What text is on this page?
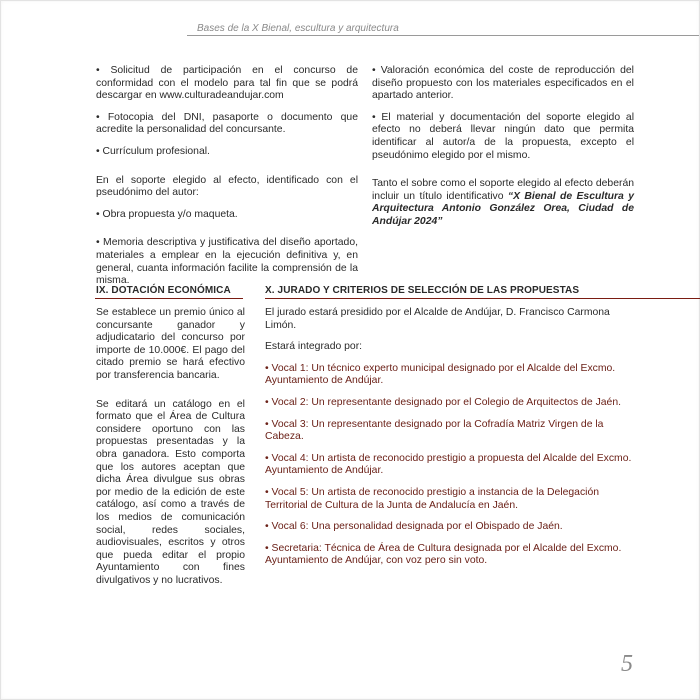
Bases de la X Bienal, escultura y arquitectura

• Solicitud de participación en el concurso de conformidad con el modelo para tal fin que se podrá descargar en www.culturadeandujar.com

• Fotocopia del DNI, pasaporte o documento que acredite la personalidad del concursante.

• Currículum profesional.

En el soporte elegido al efecto, identificado con el pseudónimo del autor:

• Obra propuesta y/o maqueta.

• Memoria descriptiva y justificativa del diseño aportado, materiales a emplear en la ejecución definitiva y, en general, cuanta información facilite la comprensión de la misma.

• Valoración económica del coste de reproducción del diseño propuesto con los materiales especificados en el apartado anterior.

• El material y documentación del soporte elegido al efecto no deberá llevar ningún dato que permita identificar al autor/a de la propuesta, excepto el pseudónimo elegido por el mismo.

Tanto el sobre como el soporte elegido al efecto deberán incluir un título identificativo “X Bienal de Escultura y Arquitectura Antonio González Orea, Ciudad de Andújar 2024”

IX. DOTACIÓN ECONÓMICA	X. JURADO Y CRITERIOS DE SELECCIÓN DE LAS PROPUESTAS

Se establece un premio único al concursante ganador y adjudicatario del concurso por importe de 10.000€. El pago del citado premio se hará efectivo por transferencia bancaria.

Se editará un catálogo en el formato que el Área de Cultura considere oportuno con las propuestas presentadas y la obra ganadora. Esto comporta que los autores aceptan que dicha Área divulgue sus obras por medio de la edición de este catálogo, así como a través de los medios de comunicación social, redes sociales, audiovisuales, escritos y otros que pueda editar el propio Ayuntamiento con fines divulgativos y no lucrativos.

El jurado estará presidido por el Alcalde de Andújar, D. Francisco Carmona Limón.

Estará integrado por:

• Vocal 1: Un técnico experto municipal designado por el Alcalde del Excmo. Ayuntamiento de Andújar.

• Vocal 2: Un representante designado por el Colegio de Arquitectos de Jaén.

• Vocal 3: Un representante designado por la Cofradía Matriz Virgen de la Cabeza.

• Vocal 4: Un artista de reconocido prestigio a propuesta del Alcalde del Excmo. Ayuntamiento de Andújar.

• Vocal 5: Un artista de reconocido prestigio a instancia de la Delegación Territorial de Cultura de la Junta de Andalucía en Jaén.

• Vocal 6: Una personalidad designada por el Obispado de Jaén.

• Secretaria: Técnica de Área de Cultura designada por el Alcalde del Excmo. Ayuntamiento de Andújar, con voz pero sin voto.

5
